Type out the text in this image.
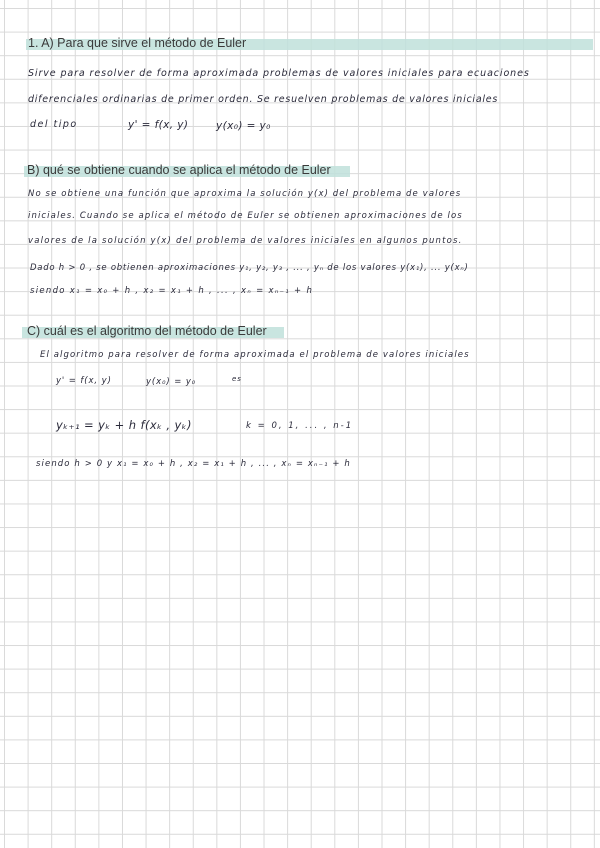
1. A) Para que sirve el método de Euler
Sirve para resolver de forma aproximada problemas de valores iniciales para ecuaciones
diferenciales ordinarias de primer orden. Se resuelven problemas de valores iniciales
del tipo	y' = f(x, y)	y(x₀) = y₀
B) qué se obtiene cuando se aplica el método de Euler
No se obtiene una función que aproxima la solución y(x) del problema de valores
iniciales. Cuando se aplica el método de Euler se obtienen aproximaciones de los
valores de la solución y(x) del problema de valores iniciales en algunos puntos.
Dado h > 0 , se obtienen aproximaciones y₁, y₂, y₃ , ... , yₙ de los valores y(x₁), ... y(xₙ)
siendo x₁ = x₀ + h , x₂ = x₁ + h , ... , xₙ = xₙ₋₁ + h
C) cuál es el algoritmo del método de Euler
El algoritmo para resolver de forma aproximada el problema de valores iniciales
y' = f(x, y)	y(x₀) = y₀	es
yₖ₊₁ = yₖ + h f(xₖ , yₖ)	k = 0, 1, ... , n-1
siendo h > 0 y x₁ = x₀ + h , x₂ = x₁ + h , ... , xₙ = xₙ₋₁ + h
